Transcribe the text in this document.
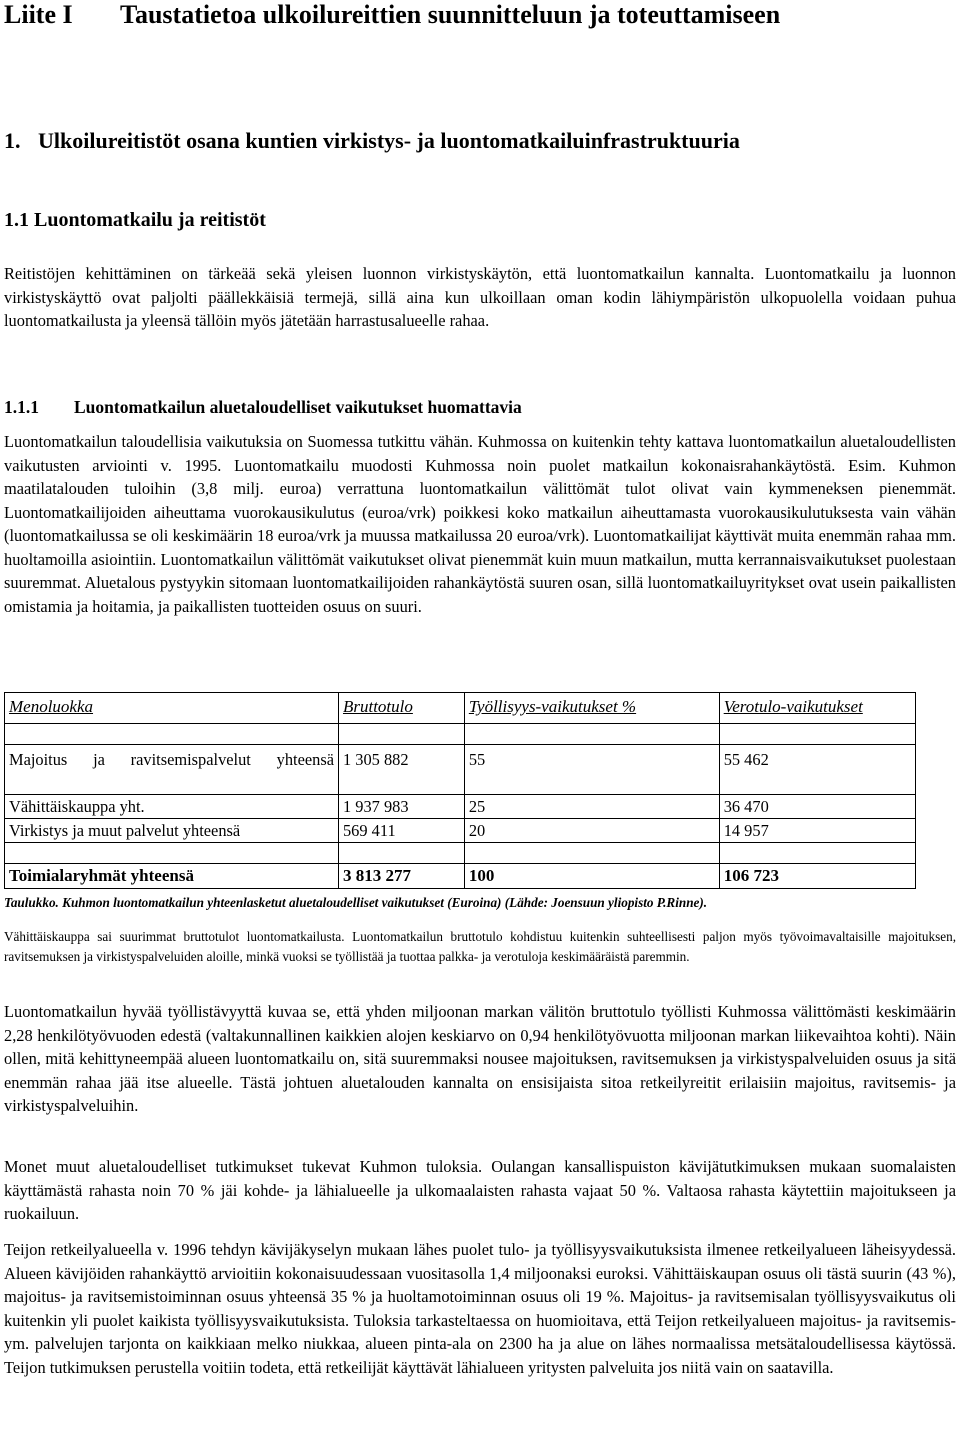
Liite I Taustatietoa ulkoilureittien suunnitteluun ja toteuttamiseen
1. Ulkoilureitistöt osana kuntien virkistys- ja luontomatkailuinfrastruktuuria
1.1 Luontomatkailu ja reitistöt

Reitistöjen kehittäminen on tärkeää sekä yleisen luonnon virkistyskäytön, että luontomatkailun kannalta. Luontomatkailu ja luonnon virkistyskäyttö ovat paljolti päällekkäisiä termejä, sillä aina kun ulkoillaan oman kodin lähiympäristön ulkopuolella voidaan puhua luontomatkailusta ja yleensä tällöin myös jätetään harrastusalueelle rahaa.

1.1.1 Luontomatkailun aluetaloudelliset vaikutukset huomattavia

Luontomatkailun taloudellisia vaikutuksia on Suomessa tutkittu vähän. Kuhmossa on kuitenkin tehty kattava luontomatkailun aluetaloudellisten vaikutusten arviointi v. 1995. Luontomatkailu muodosti Kuhmossa noin puolet matkailun kokonaisrahankäytöstä. Esim. Kuhmon maatilatalouden tuloihin (3,8 milj. euroa) verrattuna luontomatkailun välittömät tulot olivat vain kymmeneksen pienemmät. Luontomatkailijoiden aiheuttama vuorokausikulutus (euroa/vrk) poikkesi koko matkailun aiheuttamasta vuorokausikulutuksesta vain vähän (luontomatkailussa se oli keskimäärin 18 euroa/vrk ja muussa matkailussa 20 euroa/vrk). Luontomatkailijat käyttivät muita enemmän rahaa mm. huoltamoilla asiointiin. Luontomatkailun välittömät vaikutukset olivat pienemmät kuin muun matkailun, mutta kerrannaisvaikutukset puolestaan suuremmat. Aluetalous pystyykin sitomaan luontomatkailijoiden rahankäytöstä suuren osan, sillä luontomatkailuyritykset ovat usein paikallisten omistamia ja hoitamia, ja paikallisten tuotteiden osuus on suuri.

Menoluokka	Bruttotulo	Työllisyys-vaikutukset %	Verotulo-vaikutukset

Majoitus ja ravitsemispalvelut yhteensä	1 305 882	55	55 462
Vähittäiskauppa yht.	1 937 983	25	36 470
Virkistys ja muut palvelut yhteensä	569 411	20	14 957

Toimialaryhmät yhteensä	3 813 277	100	106 723
Taulukko. Kuhmon luontomatkailun yhteenlasketut aluetaloudelliset vaikutukset (Euroina) (Lähde: Joensuun yliopisto P.Rinne).

Vähittäiskauppa sai suurimmat bruttotulot luontomatkailusta. Luontomatkailun bruttotulo kohdistuu kuitenkin suhteellisesti paljon myös työvoimavaltaisille majoituksen, ravitsemuksen ja virkistyspalveluiden aloille, minkä vuoksi se työllistää ja tuottaa palkka- ja verotuloja keskimääräistä paremmin.

Luontomatkailun hyvää työllistävyyttä kuvaa se, että yhden miljoonan markan välitön bruttotulo työllisti Kuhmossa välittömästi keskimäärin 2,28 henkilötyövuoden edestä (valtakunnallinen kaikkien alojen keskiarvo on 0,94 henkilötyövuotta miljoonan markan liikevaihtoa kohti). Näin ollen, mitä kehittyneempää alueen luontomatkailu on, sitä suuremmaksi nousee majoituksen, ravitsemuksen ja virkistyspalveluiden osuus ja sitä enemmän rahaa jää itse alueelle. Tästä johtuen aluetalouden kannalta on ensisijaista sitoa retkeilyreitit erilaisiin majoitus, ravitsemis- ja virkistyspalveluihin.

Monet muut aluetaloudelliset tutkimukset tukevat Kuhmon tuloksia. Oulangan kansallispuiston kävijätutkimuksen mukaan suomalaisten käyttämästä rahasta noin 70 % jäi kohde- ja lähialueelle ja ulkomaalaisten rahasta vajaat 50 %. Valtaosa rahasta käytettiin majoitukseen ja ruokailuun.

Teijon retkeilyalueella v. 1996 tehdyn kävijäkyselyn mukaan lähes puolet tulo- ja työllisyysvaikutuksista ilmenee retkeilyalueen läheisyydessä. Alueen kävijöiden rahankäyttö arvioitiin kokonaisuudessaan vuositasolla 1,4 miljoonaksi euroksi. Vähittäiskaupan osuus oli tästä suurin (43 %), majoitus- ja ravitsemistoiminnan osuus yhteensä 35 % ja huoltamotoiminnan osuus oli 19 %. Majoitus- ja ravitsemisalan työllisyysvaikutus oli kuitenkin yli puolet kaikista työllisyysvaikutuksista. Tuloksia tarkasteltaessa on huomioitava, että Teijon retkeilyalueen majoitus- ja ravitsemis- ym. palvelujen tarjonta on kaikkiaan melko niukkaa, alueen pinta-ala on 2300 ha ja alue on lähes normaalissa metsätaloudellisessa käytössä. Teijon tutkimuksen perustella voitiin todeta, että retkeilijät käyttävät lähialueen yritysten palveluita jos niitä vain on saatavilla.
